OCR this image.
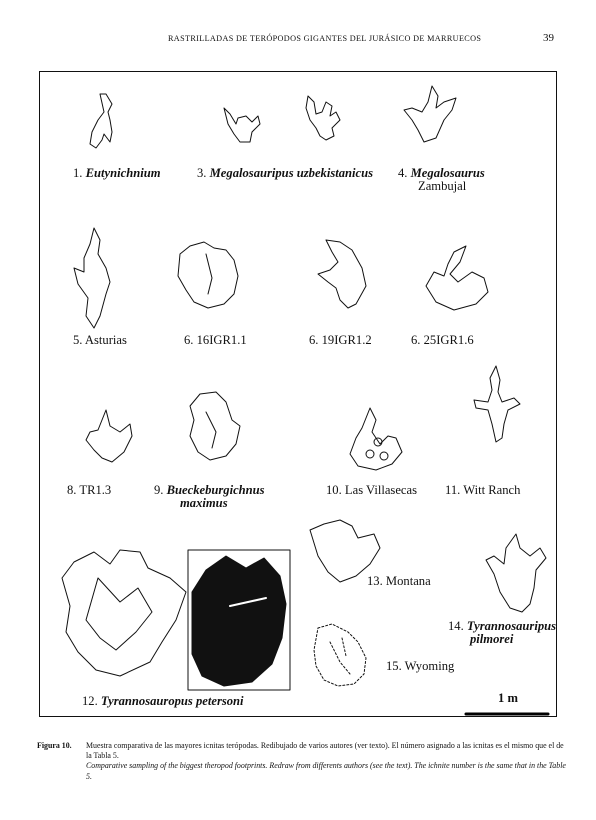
RASTRILLADAS DE TERÓPODOS GIGANTES DEL JURÁSICO DE MARRUECOS	39
1. Eutynichnium	3. Megalosauripus uzbekistanicus 4. Megalosaurus
Zambujal
5. Asturias	6. 16IGR1.1	6. 19IGR1.2	6. 25IGR1.6
8. TR1.3	9. Bueckeburgichnus
maximus
10. Las Villasecas 11. Witt Ranch
12. Tyrannosauropus petersoni
13. Montana
14. Tyrannosauripus
pilmorei
15. Wyoming
1 m
Figura 10. Muestra comparativa de las mayores icnitas terópodas. Redibujado de varios autores (ver texto). El número asignado a las icnitas es el mismo que el de la Tabla 5.
Comparative sampling of the biggest theropod footprints. Redraw from differents authors (see the text). The ichnite number is the same that in the Table 5.
